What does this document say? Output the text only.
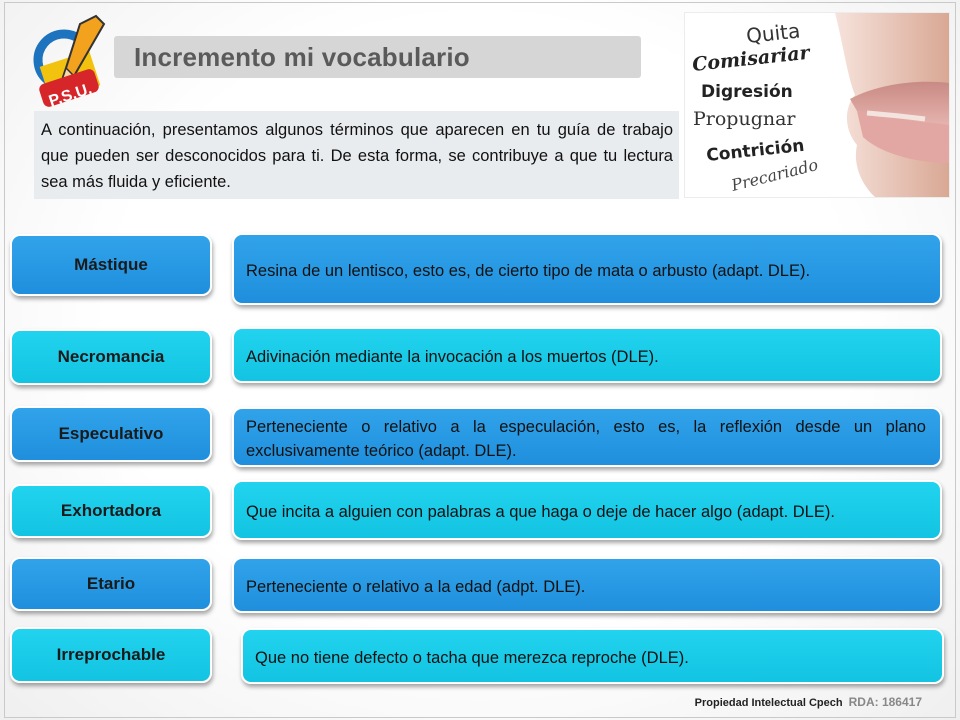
P.S.U.
Incremento mi vocabulario
A continuación, presentamos algunos términos que aparecen en tu guía de trabajo que pueden ser desconocidos para ti. De esta forma, se contribuye a que tu lectura sea más fluida y eficiente.
Quita
Comisariar
Digresión
Propugnar
Contrición
Precariado
Mástique	Resina de un lentisco, esto es, de cierto tipo de mata o arbusto (adapt. DLE).
Necromancia	Adivinación mediante la invocación a los muertos (DLE).
Especulativo	Perteneciente o relativo a la especulación, esto es, la reflexión desde un plano exclusivamente teórico (adapt. DLE).
Exhortadora	Que incita a alguien con palabras a que haga o deje de hacer algo (adapt. DLE).
Etario	Perteneciente o relativo a la edad (adpt. DLE).
Irreprochable	Que no tiene defecto o tacha que merezca reproche (DLE).
Propiedad Intelectual Cpech RDA: 186417
